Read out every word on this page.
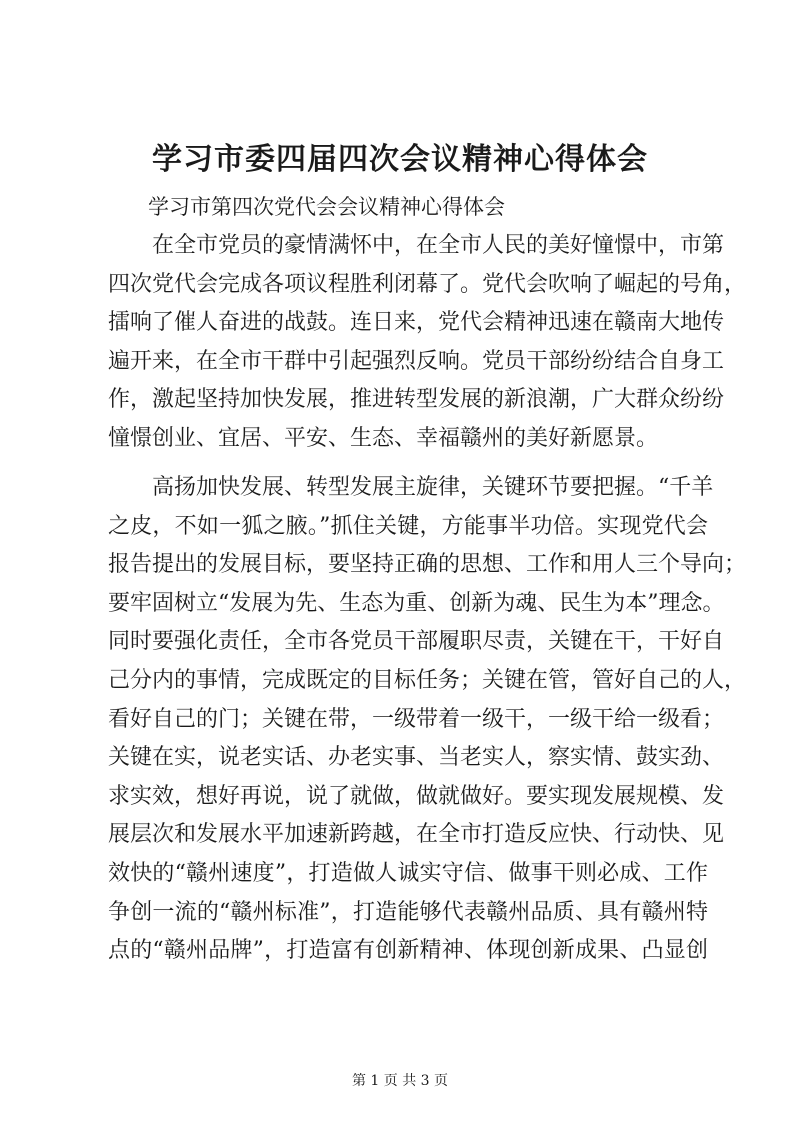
学习市委四届四次会议精神心得体会

学习市第四次党代会会议精神心得体会

在全市党员的豪情满怀中，在全市人民的美好憧憬中，市第
四次党代会完成各项议程胜利闭幕了。党代会吹响了崛起的号角，
擂响了催人奋进的战鼓。连日来，党代会精神迅速在赣南大地传
遍开来，在全市干群中引起强烈反响。党员干部纷纷结合自身工
作，激起坚持加快发展，推进转型发展的新浪潮，广大群众纷纷
憧憬创业、宜居、平安、生态、幸福赣州的美好新愿景。
高扬加快发展、转型发展主旋律，关键环节要把握。“千羊
之皮，不如一狐之腋。”抓住关键，方能事半功倍。实现党代会
报告提出的发展目标，要坚持正确的思想、工作和用人三个导向；
要牢固树立“发展为先、生态为重、创新为魂、民生为本”理念。
同时要强化责任，全市各党员干部履职尽责，关键在干，干好自
己分内的事情，完成既定的目标任务；关键在管，管好自己的人，
看好自己的门；关键在带，一级带着一级干，一级干给一级看；
关键在实，说老实话、办老实事、当老实人，察实情、鼓实劲、
求实效，想好再说，说了就做，做就做好。要实现发展规模、发
展层次和发展水平加速新跨越，在全市打造反应快、行动快、见
效快的“赣州速度”，打造做人诚实守信、做事干则必成、工作
争创一流的“赣州标准”，打造能够代表赣州品质、具有赣州特
点的“赣州品牌”，打造富有创新精神、体现创新成果、凸显创

第 1 页 共 3 页
